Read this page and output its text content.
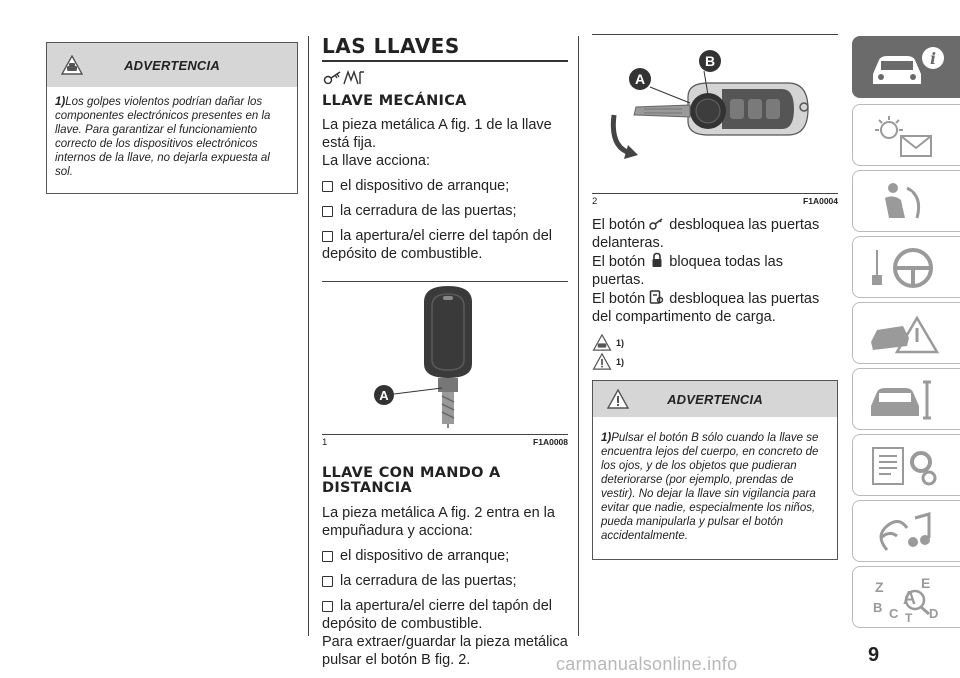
ADVERTENCIA
1)Los golpes violentos podrían dañar los componentes electrónicos presentes en la llave. Para garantizar el funcionamiento correcto de los dispositivos electrónicos internos de la llave, no dejarla expuesta al sol.
LAS LLAVES
LLAVE MECÁNICA

La pieza metálica A fig. 1 de la llave está fija.

La llave acciona:

el dispositivo de arranque;
la cerradura de las puertas;
la apertura/el cierre del tapón del depósito de combustible.
A
1	F1A0008
LLAVE CON MANDO A DISTANCIA

La pieza metálica A fig. 2 entra en la empuñadura y acciona:

el dispositivo de arranque;
la cerradura de las puertas;
la apertura/el cierre del tapón del depósito de combustible.

Para extraer/guardar la pieza metálica pulsar el botón B fig. 2.

A
B
2	F1A0004

El botón desbloquea las puertas delanteras.

El botón bloquea todas las puertas.

El botón desbloquea las puertas del compartimento de carga.

1)
1)
ADVERTENCIA
1)Pulsar el botón B sólo cuando la llave se encuentra lejos del cuerpo, en concreto de los ojos, y de los objetos que pudieran deteriorarse (por ejemplo, prendas de vestir). No dejar la llave sin vigilancia para evitar que nadie, especialmente los niños, pueda manipularla y pulsar el botón accidentalmente.
i
Z	E
A
B C D
T
9
carmanualsonline.info
